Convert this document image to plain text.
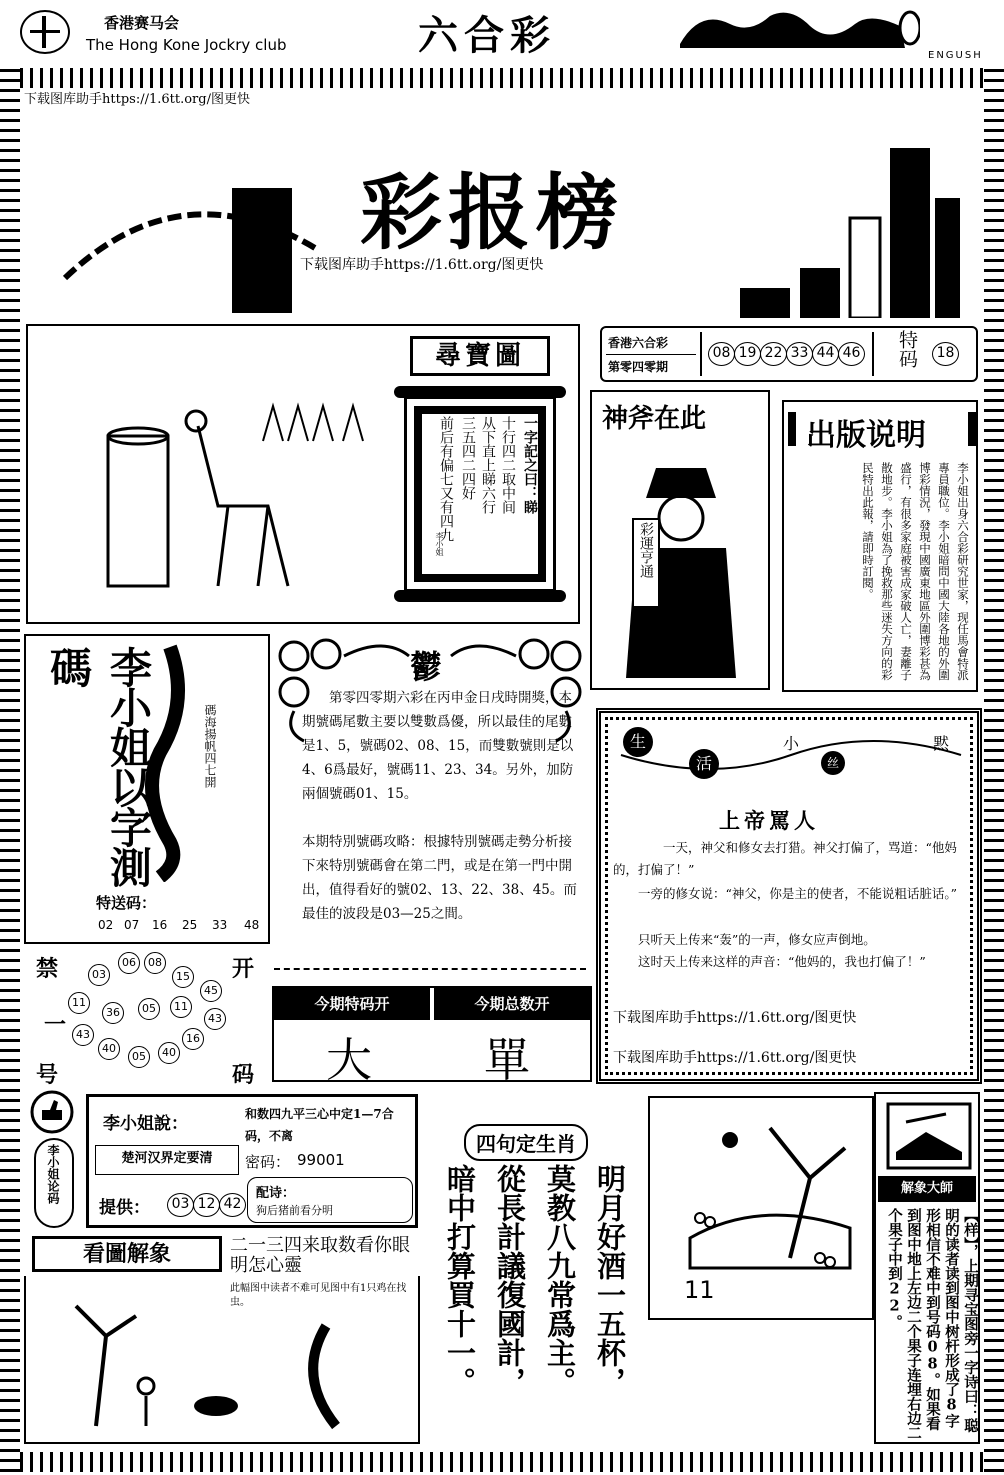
香港赛马会
The Hong Kone Jockry club	六合彩	ENGUSH
下载图库助手https://1.6tt.org/图更快
彩报榜
下载图库助手https://1.6tt.org/图更快
尋寶圖
一字記之曰：睇
十行四二取中间
从下直上睇六行
三五四二四好
前后有偏七又有四九
李小姐
香港六合彩
第零四零期
08 19 22 33 44 46 特码	18
神斧在此
彩運亨通
出版说明
李小姐出身六合彩研究世家，现任馬會特派專員職位。李小姐暗問中國大陸各地的外圍博彩情況，發現中國廣東地區外圍博彩甚為盛行，有很多家庭被害成家破人亡，妻離子散地步。李小姐為了挽救那些迷失方向的彩民特出此報，請即時訂閱。
李小姐以字測碼
碼海揚帆四七開
特送码：
02 07 16 25 33 48
鬱
第零四零期六彩在丙申金日戌時開獎，本期號碼尾數主要以雙數爲優，所以最佳的尾數是1、5，號碼02、08、15，而雙數號則是以4、6爲最好，號碼11、23、34。另外，加防兩個號碼01、15。
本期特別號碼攻略：根據特別號碼走勢分析接下來特別號碼會在第二門，或是在第一門中開出，值得看好的號02、13、22、38、45。而最佳的波段是03—25之間。
生
活
小
丝
黙
上帝罵人
一天，神父和修女去打猎。神父打偏了，骂道：“他妈的，打偏了！”
一旁的修女说：“神父，你是主的使者，不能说粗话脏话。”
只听天上传来“轰”的一声，修女应声倒地。
这时天上传来这样的声音：“他妈的，我也打偏了！”
下载图库助手https://1.6tt.org/图更快
下载图库助手https://1.6tt.org/图更快
禁	开
一
号	码
06	08
03	15
45
11
36	05	11
43
43	16
40
05	40
今期特码开	今期总数开
大 單
李小姐论码
李小姐說：
楚河汉界定要清
和数四九平三心中定1—7合码，不离
密码： 99001
提供：	03 12 42
配诗：
狗后猪前看分明
四句定生肖
明月好酒一五杯，
莫教八九常爲主。
從長計議復國計，
暗中打算買十一。	11
解象大師
【样】，上期寻宝图旁一字诗曰：聪明的读者读到图中树杆形成了8字形相信不难中到号码08。如果看到图中地上左边二个果子连埋右边二个果子中到22。
看圖解象	二一三四来取数看你眼明怎心靈
此幅图中读者不难可见图中有1只鸡在找虫。
